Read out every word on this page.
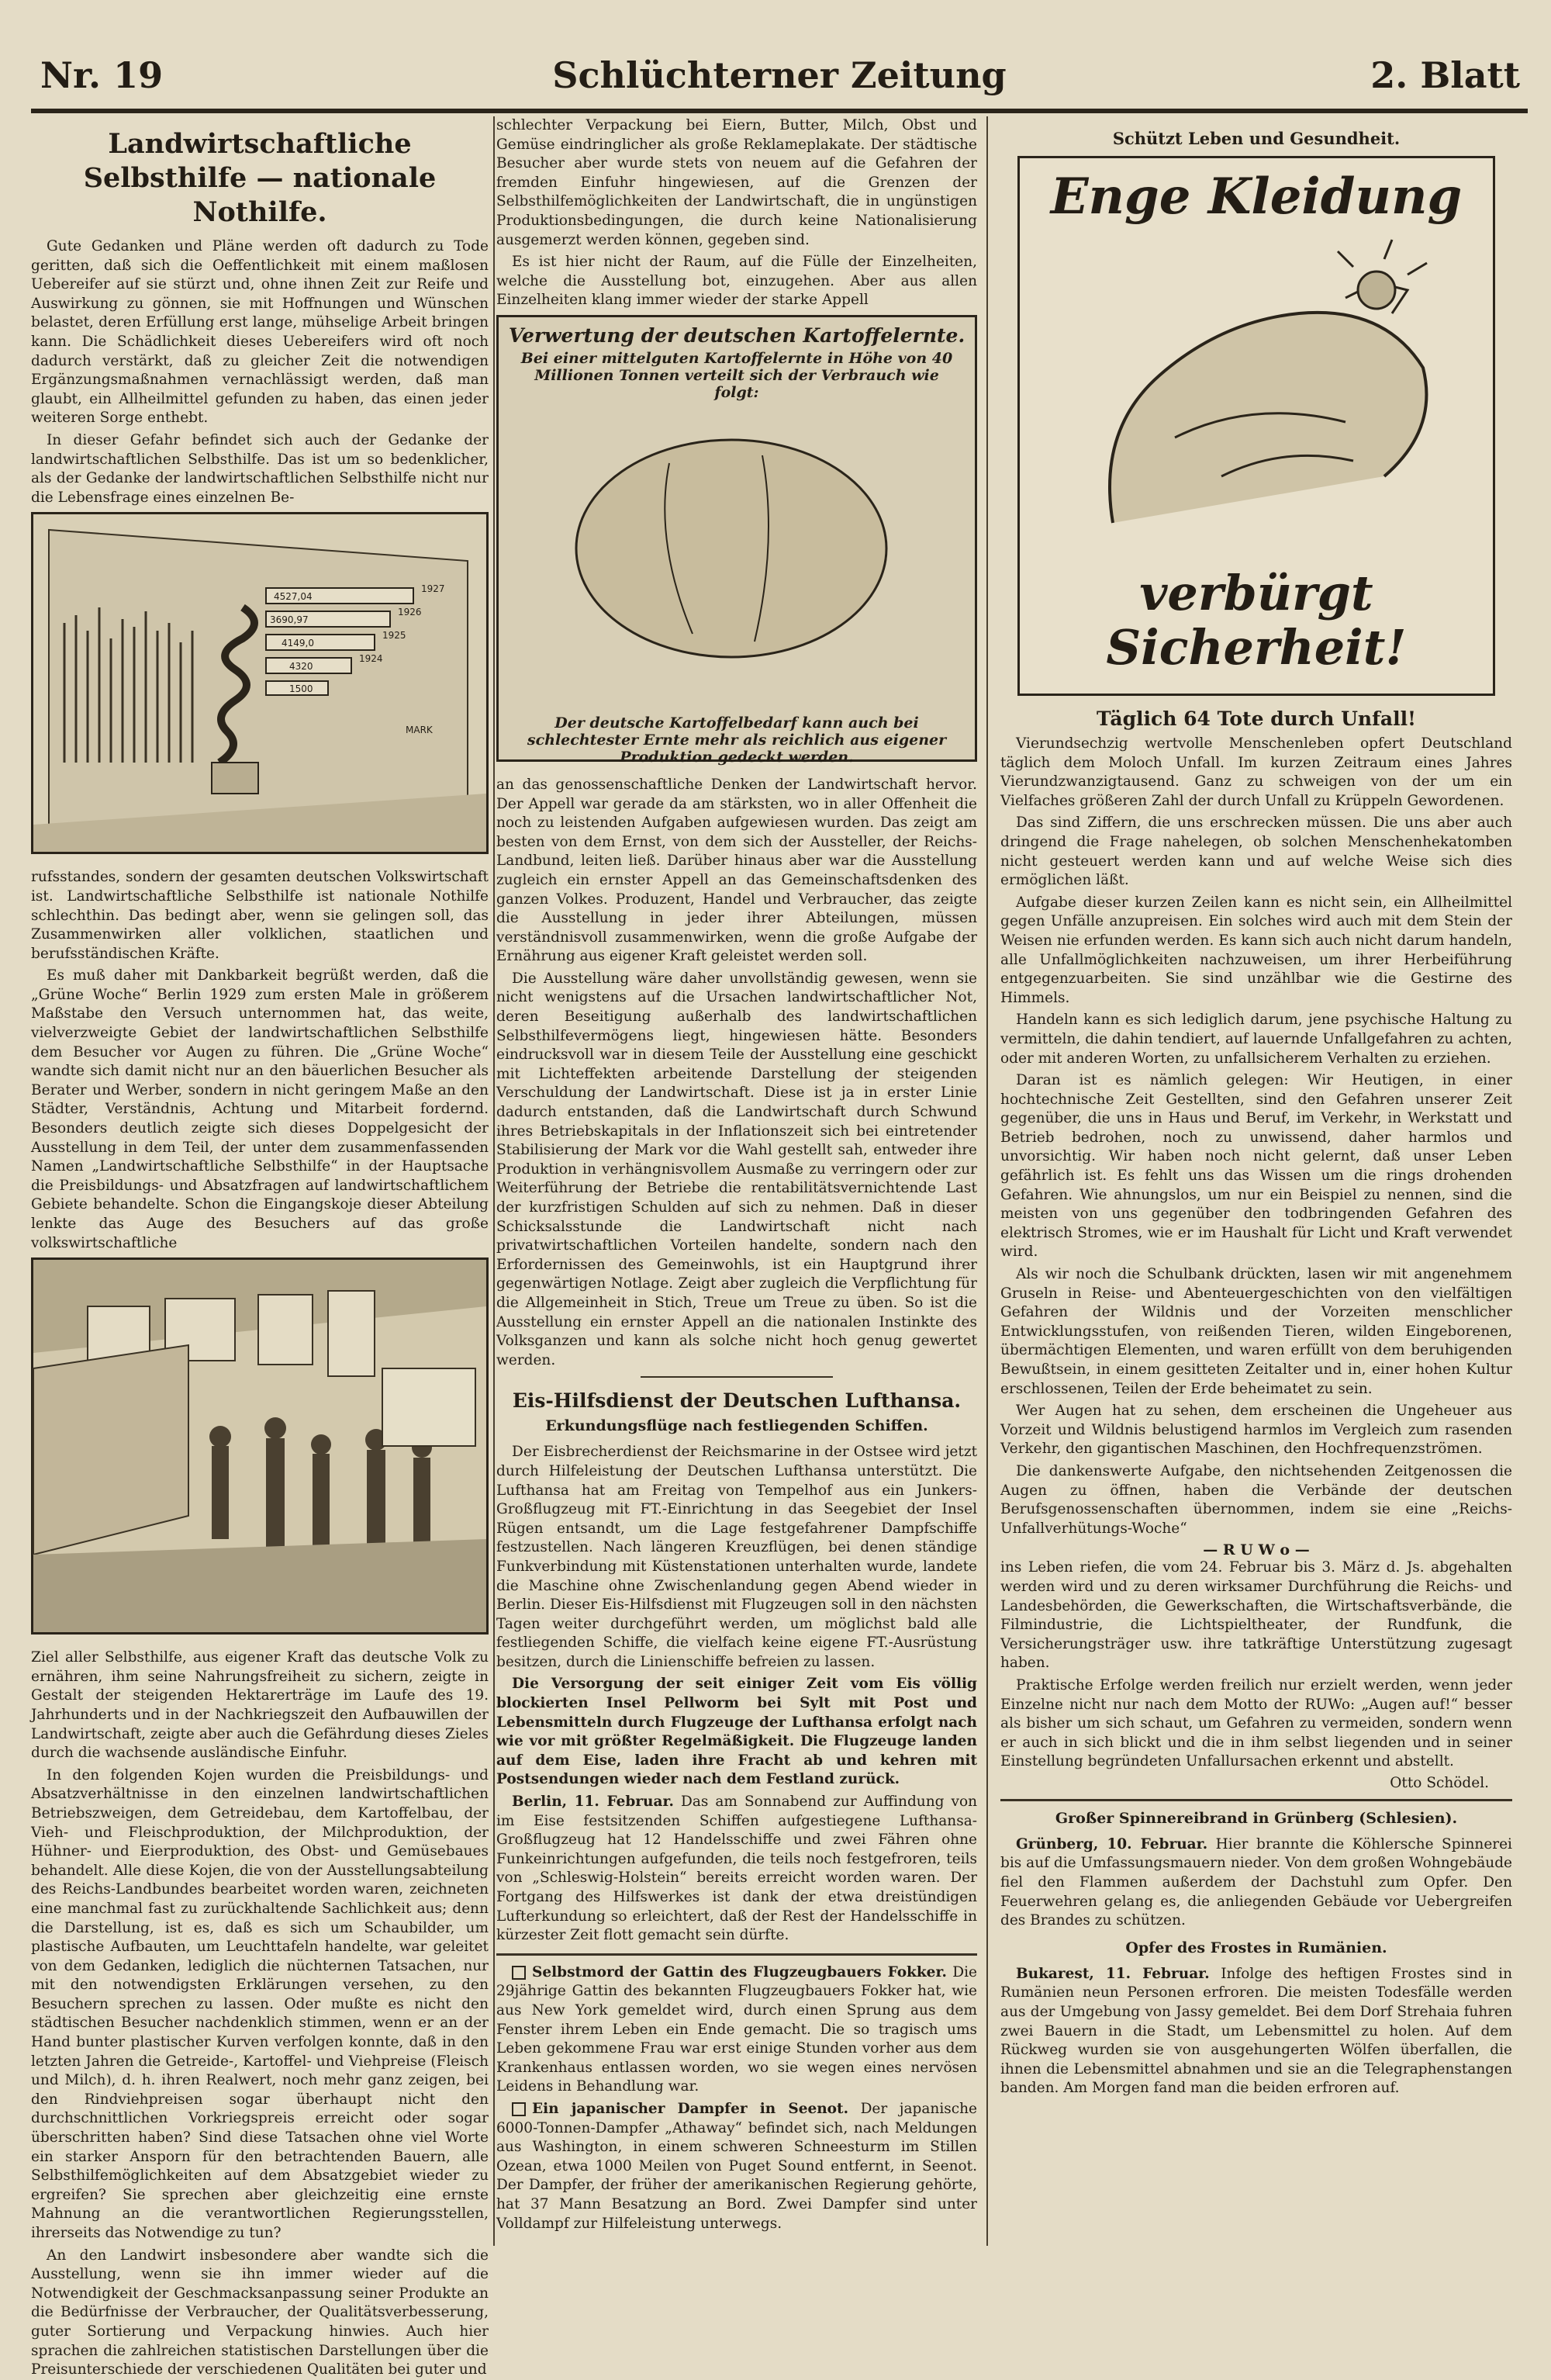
Nr. 19	Schlüchterner Zeitung	2. Blatt
Landwirtschaftliche Selbsthilfe — nationale Nothilfe.

Gute Gedanken und Pläne werden oft dadurch zu Tode geritten, daß sich die Oeffentlichkeit mit einem maßlosen Uebereifer auf sie stürzt und, ohne ihnen Zeit zur Reife und Auswirkung zu gönnen, sie mit Hoffnungen und Wünschen belastet, deren Erfüllung erst lange, mühselige Arbeit bringen kann. Die Schädlichkeit dieses Uebereifers wird oft noch dadurch verstärkt, daß zu gleicher Zeit die notwendigen Ergänzungsmaßnahmen vernachlässigt werden, daß man glaubt, ein Allheilmittel gefunden zu haben, das einen jeder weiteren Sorge enthebt.

In dieser Gefahr befindet sich auch der Gedanke der landwirtschaftlichen Selbsthilfe. Das ist um so bedenklicher, als der Gedanke der landwirtschaftlichen Selbsthilfe nicht nur die Lebensfrage eines einzelnen Be-

4527,04
3690,97
4149,0
4320
1500
1927
1926
1925
1924
MARK

rufsstandes, sondern der gesamten deutschen Volkswirtschaft ist. Landwirtschaftliche Selbsthilfe ist nationale Nothilfe schlechthin. Das bedingt aber, wenn sie gelingen soll, das Zusammenwirken aller volklichen, staatlichen und berufsständischen Kräfte.

Es muß daher mit Dankbarkeit begrüßt werden, daß die „Grüne Woche“ Berlin 1929 zum ersten Male in größerem Maßstabe den Versuch unternommen hat, das weite, vielverzweigte Gebiet der landwirtschaftlichen Selbsthilfe dem Besucher vor Augen zu führen. Die „Grüne Woche“ wandte sich damit nicht nur an den bäuerlichen Besucher als Berater und Werber, sondern in nicht geringem Maße an den Städter, Verständnis, Achtung und Mitarbeit fordernd. Besonders deutlich zeigte sich dieses Doppelgesicht der Ausstellung in dem Teil, der unter dem zusammenfassenden Namen „Landwirtschaftliche Selbsthilfe“ in der Hauptsache die Preisbildungs- und Absatzfragen auf landwirtschaftlichem Gebiete behandelte. Schon die Eingangskoje dieser Abteilung lenkte das Auge des Besuchers auf das große volkswirtschaftliche

Ziel aller Selbsthilfe, aus eigener Kraft das deutsche Volk zu ernähren, ihm seine Nahrungsfreiheit zu sichern, zeigte in Gestalt der steigenden Hektarerträge im Laufe des 19. Jahrhunderts und in der Nachkriegszeit den Aufbauwillen der Landwirtschaft, zeigte aber auch die Gefährdung dieses Zieles durch die wachsende ausländische Einfuhr.

In den folgenden Kojen wurden die Preisbildungs- und Absatzverhältnisse in den einzelnen landwirtschaftlichen Betriebszweigen, dem Getreidebau, dem Kartoffelbau, der Vieh- und Fleischproduktion, der Milchproduktion, der Hühner- und Eierproduktion, des Obst- und Gemüsebaues behandelt. Alle diese Kojen, die von der Ausstellungsabteilung des Reichs-Landbundes bearbeitet worden waren, zeichneten eine manchmal fast zu zurückhaltende Sachlichkeit aus; denn die Darstellung, ist es, daß es sich um Schaubilder, um plastische Aufbauten, um Leuchttafeln handelte, war geleitet von dem Gedanken, lediglich die nüchternen Tatsachen, nur mit den notwendigsten Erklärungen versehen, zu den Besuchern sprechen zu lassen. Oder mußte es nicht den städtischen Besucher nachdenklich stimmen, wenn er an der Hand bunter plastischer Kurven verfolgen konnte, daß in den letzten Jahren die Getreide-, Kartoffel- und Viehpreise (Fleisch und Milch), d. h. ihren Realwert, noch mehr ganz zeigen, bei den Rindviehpreisen sogar überhaupt nicht den durchschnittlichen Vorkriegspreis erreicht oder sogar überschritten haben? Sind diese Tatsachen ohne viel Worte ein starker Ansporn für den betrachtenden Bauern, alle Selbsthilfemöglichkeiten auf dem Absatzgebiet wieder zu ergreifen? Sie sprechen aber gleichzeitig eine ernste Mahnung an die verantwortlichen Regierungsstellen, ihrerseits das Notwendige zu tun?

An den Landwirt insbesondere aber wandte sich die Ausstellung, wenn sie ihn immer wieder auf die Notwendigkeit der Geschmacksanpassung seiner Produkte an die Bedürfnisse der Verbraucher, der Qualitätsverbesserung, guter Sortierung und Verpackung hinwies. Auch hier sprachen die zahlreichen statistischen Darstellungen über die Preisunterschiede der verschiedenen Qualitäten bei guter und

schlechter Verpackung bei Eiern, Butter, Milch, Obst und Gemüse eindringlicher als große Reklameplakate. Der städtische Besucher aber wurde stets von neuem auf die Gefahren der fremden Einfuhr hingewiesen, auf die Grenzen der Selbsthilfemöglichkeiten der Landwirtschaft, die in ungünstigen Produktionsbedingungen, die durch keine Nationalisierung ausgemerzt werden können, gegeben sind.

Es ist hier nicht der Raum, auf die Fülle der Einzelheiten, welche die Ausstellung bot, einzugehen. Aber aus allen Einzelheiten klang immer wieder der starke Appell

Verwertung der deutschen Kartoffelernte.
Bei einer mittelguten Kartoffelernte in Höhe von 40 Millionen Tonnen verteilt sich der Verbrauch wie folgt:
Der deutsche Kartoffelbedarf kann auch bei schlechtester Ernte mehr als reichlich aus eigener Produktion gedeckt werden.

an das genossenschaftliche Denken der Landwirtschaft hervor. Der Appell war gerade da am stärksten, wo in aller Offenheit die noch zu leistenden Aufgaben aufgewiesen wurden. Das zeigt am besten von dem Ernst, von dem sich der Aussteller, der Reichs-Landbund, leiten ließ. Darüber hinaus aber war die Ausstellung zugleich ein ernster Appell an das Gemeinschaftsdenken des ganzen Volkes. Produzent, Handel und Verbraucher, das zeigte die Ausstellung in jeder ihrer Abteilungen, müssen verständnisvoll zusammenwirken, wenn die große Aufgabe der Ernährung aus eigener Kraft geleistet werden soll.

Die Ausstellung wäre daher unvollständig gewesen, wenn sie nicht wenigstens auf die Ursachen landwirtschaftlicher Not, deren Beseitigung außerhalb des landwirtschaftlichen Selbsthilfevermögens liegt, hingewiesen hätte. Besonders eindrucksvoll war in diesem Teile der Ausstellung eine geschickt mit Lichteffekten arbeitende Darstellung der steigenden Verschuldung der Landwirtschaft. Diese ist ja in erster Linie dadurch entstanden, daß die Landwirtschaft durch Schwund ihres Betriebskapitals in der Inflationszeit sich bei eintretender Stabilisierung der Mark vor die Wahl gestellt sah, entweder ihre Produktion in verhängnisvollem Ausmaße zu verringern oder zur Weiterführung der Betriebe die rentabilitätsvernichtende Last der kurzfristigen Schulden auf sich zu nehmen. Daß in dieser Schicksalsstunde die Landwirtschaft nicht nach privatwirtschaftlichen Vorteilen handelte, sondern nach den Erfordernissen des Gemeinwohls, ist ein Hauptgrund ihrer gegenwärtigen Notlage. Zeigt aber zugleich die Verpflichtung für die Allgemeinheit in Stich, Treue um Treue zu üben. So ist die Ausstellung ein ernster Appell an die nationalen Instinkte des Volksganzen und kann als solche nicht hoch genug gewertet werden.

Eis-Hilfsdienst der Deutschen Lufthansa.
Erkundungsflüge nach festliegenden Schiffen.

Der Eisbrecherdienst der Reichsmarine in der Ostsee wird jetzt durch Hilfeleistung der Deutschen Lufthansa unterstützt. Die Lufthansa hat am Freitag von Tempelhof aus ein Junkers-Großflugzeug mit FT.-Einrichtung in das Seegebiet der Insel Rügen entsandt, um die Lage festgefahrener Dampfschiffe festzustellen. Nach längeren Kreuzflügen, bei denen ständige Funkverbindung mit Küstenstationen unterhalten wurde, landete die Maschine ohne Zwischenlandung gegen Abend wieder in Berlin. Dieser Eis-Hilfsdienst mit Flugzeugen soll in den nächsten Tagen weiter durchgeführt werden, um möglichst bald alle festliegenden Schiffe, die vielfach keine eigene FT.-Ausrüstung besitzen, durch die Linienschiffe befreien zu lassen.

Die Versorgung der seit einiger Zeit vom Eis völlig blockierten Insel Pellworm bei Sylt mit Post und Lebensmitteln durch Flugzeuge der Lufthansa erfolgt nach wie vor mit größter Regelmäßigkeit. Die Flugzeuge landen auf dem Eise, laden ihre Fracht ab und kehren mit Postsendungen wieder nach dem Festland zurück.

Berlin, 11. Februar. Das am Sonnabend zur Auffindung von im Eise festsitzenden Schiffen aufgestiegene Lufthansa-Großflugzeug hat 12 Handelsschiffe und zwei Fähren ohne Funkeinrichtungen aufgefunden, die teils noch festgefroren, teils von „Schleswig-Holstein“ bereits erreicht worden waren. Der Fortgang des Hilfswerkes ist dank der etwa dreistündigen Lufterkundung so erleichtert, daß der Rest der Handelsschiffe in kürzester Zeit flott gemacht sein dürfte.

Selbstmord der Gattin des Flugzeugbauers Fokker. Die 29jährige Gattin des bekannten Flugzeugbauers Fokker hat, wie aus New York gemeldet wird, durch einen Sprung aus dem Fenster ihrem Leben ein Ende gemacht. Die so tragisch ums Leben gekommene Frau war erst einige Stunden vorher aus dem Krankenhaus entlassen worden, wo sie wegen eines nervösen Leidens in Behandlung war.

Ein japanischer Dampfer in Seenot. Der japanische 6000-Tonnen-Dampfer „Athaway“ befindet sich, nach Meldungen aus Washington, in einem schweren Schneesturm im Stillen Ozean, etwa 1000 Meilen von Puget Sound entfernt, in Seenot. Der Dampfer, der früher der amerikanischen Regierung gehörte, hat 37 Mann Besatzung an Bord. Zwei Dampfer sind unter Volldampf zur Hilfeleistung unterwegs.

Schützt Leben und Gesundheit.
Enge Kleidung
verbürgt
Sicherheit!
Täglich 64 Tote durch Unfall!

Vierundsechzig wertvolle Menschenleben opfert Deutschland täglich dem Moloch Unfall. Im kurzen Zeitraum eines Jahres Vierundzwanzigtausend. Ganz zu schweigen von der um ein Vielfaches größeren Zahl der durch Unfall zu Krüppeln Gewordenen.

Das sind Ziffern, die uns erschrecken müssen. Die uns aber auch dringend die Frage nahelegen, ob solchen Menschenhekatomben nicht gesteuert werden kann und auf welche Weise sich dies ermöglichen läßt.

Aufgabe dieser kurzen Zeilen kann es nicht sein, ein Allheilmittel gegen Unfälle anzupreisen. Ein solches wird auch mit dem Stein der Weisen nie erfunden werden. Es kann sich auch nicht darum handeln, alle Unfallmöglichkeiten nachzuweisen, um ihrer Herbeiführung entgegenzuarbeiten. Sie sind unzählbar wie die Gestirne des Himmels.

Handeln kann es sich lediglich darum, jene psychische Haltung zu vermitteln, die dahin tendiert, auf lauernde Unfallgefahren zu achten, oder mit anderen Worten, zu unfallsicherem Verhalten zu erziehen.

Daran ist es nämlich gelegen: Wir Heutigen, in einer hochtechnische Zeit Gestellten, sind den Gefahren unserer Zeit gegenüber, die uns in Haus und Beruf, im Verkehr, in Werkstatt und Betrieb bedrohen, noch zu unwissend, daher harmlos und unvorsichtig. Wir haben noch nicht gelernt, daß unser Leben gefährlich ist. Es fehlt uns das Wissen um die rings drohenden Gefahren. Wie ahnungslos, um nur ein Beispiel zu nennen, sind die meisten von uns gegenüber den todbringenden Gefahren des elektrisch Stromes, wie er im Haushalt für Licht und Kraft verwendet wird.

Als wir noch die Schulbank drückten, lasen wir mit angenehmem Gruseln in Reise- und Abenteuergeschichten von den vielfältigen Gefahren der Wildnis und der Vorzeiten menschlicher Entwicklungsstufen, von reißenden Tieren, wilden Eingeborenen, übermächtigen Elementen, und waren erfüllt von dem beruhigenden Bewußtsein, in einem gesitteten Zeitalter und in, einer hohen Kultur erschlossenen, Teilen der Erde beheimatet zu sein.

Wer Augen hat zu sehen, dem erscheinen die Ungeheuer aus Vorzeit und Wildnis belustigend harmlos im Vergleich zum rasenden Verkehr, den gigantischen Maschinen, den Hochfrequenzströmen.

Die dankenswerte Aufgabe, den nichtsehenden Zeitgenossen die Augen zu öffnen, haben die Verbände der deutschen Berufsgenossenschaften übernommen, indem sie eine „Reichs-Unfallverhütungs-Woche“

— R U W o —

ins Leben riefen, die vom 24. Februar bis 3. März d. Js. abgehalten werden wird und zu deren wirksamer Durchführung die Reichs- und Landesbehörden, die Gewerkschaften, die Wirtschaftsverbände, die Filmindustrie, die Lichtspieltheater, der Rundfunk, die Versicherungsträger usw. ihre tatkräftige Unterstützung zugesagt haben.

Praktische Erfolge werden freilich nur erzielt werden, wenn jeder Einzelne nicht nur nach dem Motto der RUWo: „Augen auf!“ besser als bisher um sich schaut, um Gefahren zu vermeiden, sondern wenn er auch in sich blickt und die in ihm selbst liegenden und in seiner Einstellung begründeten Unfallursachen erkennt und abstellt.

Otto Schödel.
Großer Spinnereibrand in Grünberg (Schlesien).

Grünberg, 10. Februar. Hier brannte die Köhlersche Spinnerei bis auf die Umfassungsmauern nieder. Von dem großen Wohngebäude fiel den Flammen außerdem der Dachstuhl zum Opfer. Den Feuerwehren gelang es, die anliegenden Gebäude vor Uebergreifen des Brandes zu schützen.

Opfer des Frostes in Rumänien.

Bukarest, 11. Februar. Infolge des heftigen Frostes sind in Rumänien neun Personen erfroren. Die meisten Todesfälle werden aus der Umgebung von Jassy gemeldet. Bei dem Dorf Strehaia fuhren zwei Bauern in die Stadt, um Lebensmittel zu holen. Auf dem Rückweg wurden sie von ausgehungerten Wölfen überfallen, die ihnen die Lebensmittel abnahmen und sie an die Telegraphenstangen banden. Am Morgen fand man die beiden erfroren auf.
